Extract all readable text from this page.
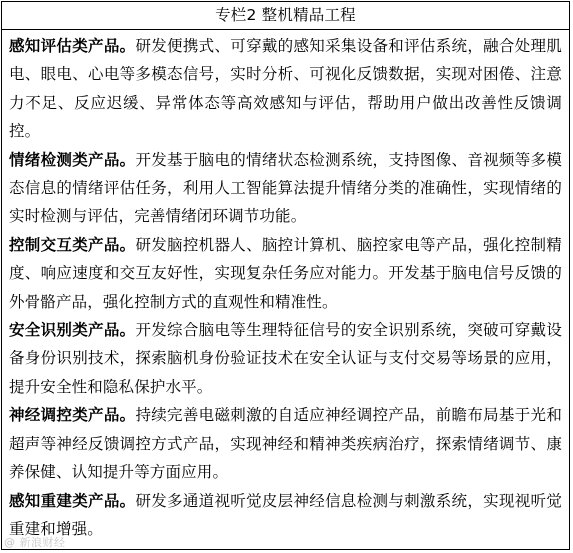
专栏2 整机精品工程

感知评估类产品。研发便携式、可穿戴的感知采集设备和评估系统，融合处理肌电、眼电、心电等多模态信号，实时分析、可视化反馈数据，实现对困倦、注意力不足、反应迟缓、异常体态等高效感知与评估，帮助用户做出改善性反馈调控。

情绪检测类产品。开发基于脑电的情绪状态检测系统，支持图像、音视频等多模态信息的情绪评估任务，利用人工智能算法提升情绪分类的准确性，实现情绪的实时检测与评估，完善情绪闭环调节功能。

控制交互类产品。研发脑控机器人、脑控计算机、脑控家电等产品，强化控制精度、响应速度和交互友好性，实现复杂任务应对能力。开发基于脑电信号反馈的外骨骼产品，强化控制方式的直观性和精准性。

安全识别类产品。开发综合脑电等生理特征信号的安全识别系统，突破可穿戴设备身份识别技术，探索脑机身份验证技术在安全认证与支付交易等场景的应用，提升安全性和隐私保护水平。

神经调控类产品。持续完善电磁刺激的自适应神经调控产品，前瞻布局基于光和超声等神经反馈调控方式产品，实现神经和精神类疾病治疗，探索情绪调节、康养保健、认知提升等方面应用。

感知重建类产品。研发多通道视听觉皮层神经信息检测与刺激系统，实现视听觉重建和增强。

@ 新浪财经
